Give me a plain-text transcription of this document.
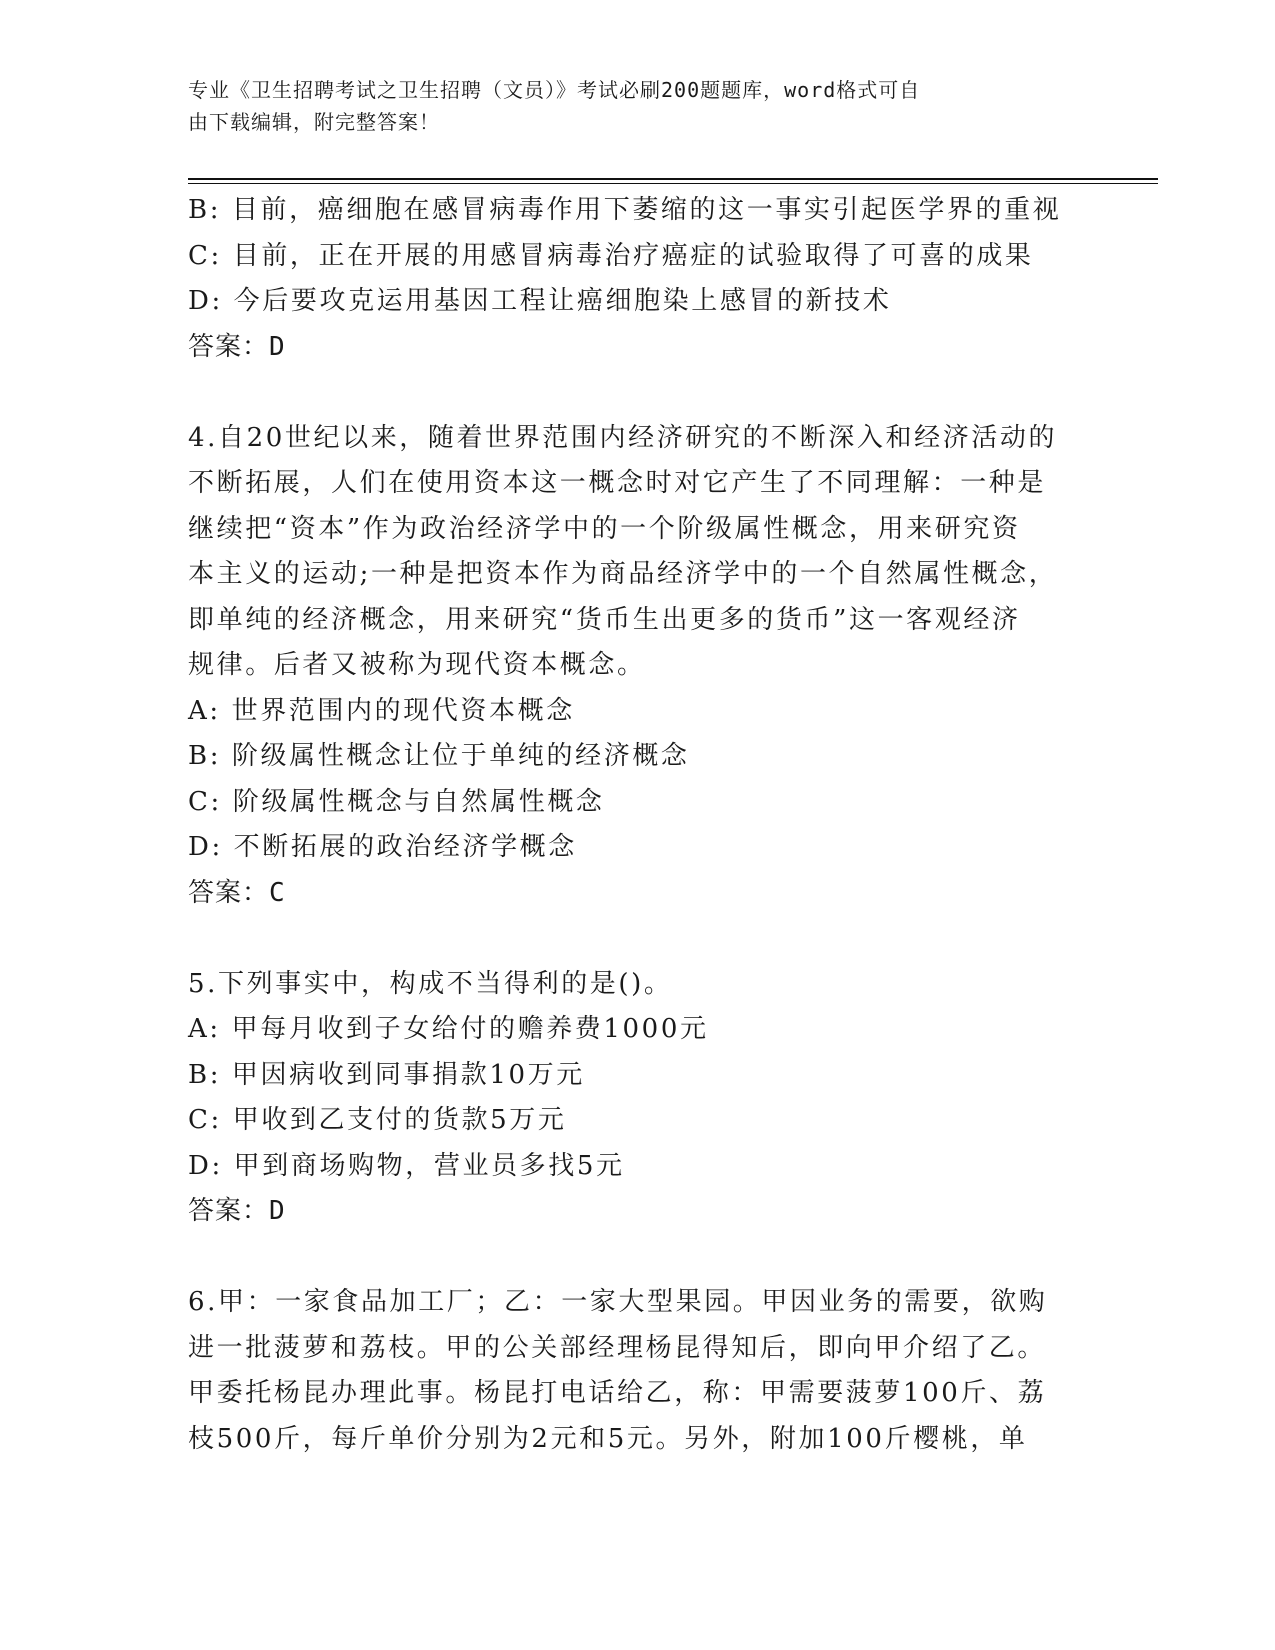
专业《卫生招聘考试之卫生招聘（文员）》考试必刷200题题库，word格式可自
由下载编辑，附完整答案！
B: 目前，癌细胞在感冒病毒作用下萎缩的这一事实引起医学界的重视
C: 目前，正在开展的用感冒病毒治疗癌症的试验取得了可喜的成果
D: 今后要攻克运用基因工程让癌细胞染上感冒的新技术
答案：D
4.自20世纪以来，随着世界范围内经济研究的不断深入和经济活动的
不断拓展，人们在使用资本这一概念时对它产生了不同理解：一种是
继续把“资本”作为政治经济学中的一个阶级属性概念，用来研究资
本主义的运动;一种是把资本作为商品经济学中的一个自然属性概念，
即单纯的经济概念，用来研究“货币生出更多的货币”这一客观经济
规律。后者又被称为现代资本概念。
A: 世界范围内的现代资本概念
B: 阶级属性概念让位于单纯的经济概念
C: 阶级属性概念与自然属性概念
D: 不断拓展的政治经济学概念
答案：C
5.下列事实中，构成不当得利的是()。
A: 甲每月收到子女给付的赡养费1000元
B: 甲因病收到同事捐款10万元
C: 甲收到乙支付的货款5万元
D: 甲到商场购物，营业员多找5元
答案：D
6.甲：一家食品加工厂；乙：一家大型果园。甲因业务的需要，欲购
进一批菠萝和荔枝。甲的公关部经理杨昆得知后，即向甲介绍了乙。
甲委托杨昆办理此事。杨昆打电话给乙，称：甲需要菠萝100斤、荔
枝500斤，每斤单价分别为2元和5元。另外，附加100斤樱桃，单
